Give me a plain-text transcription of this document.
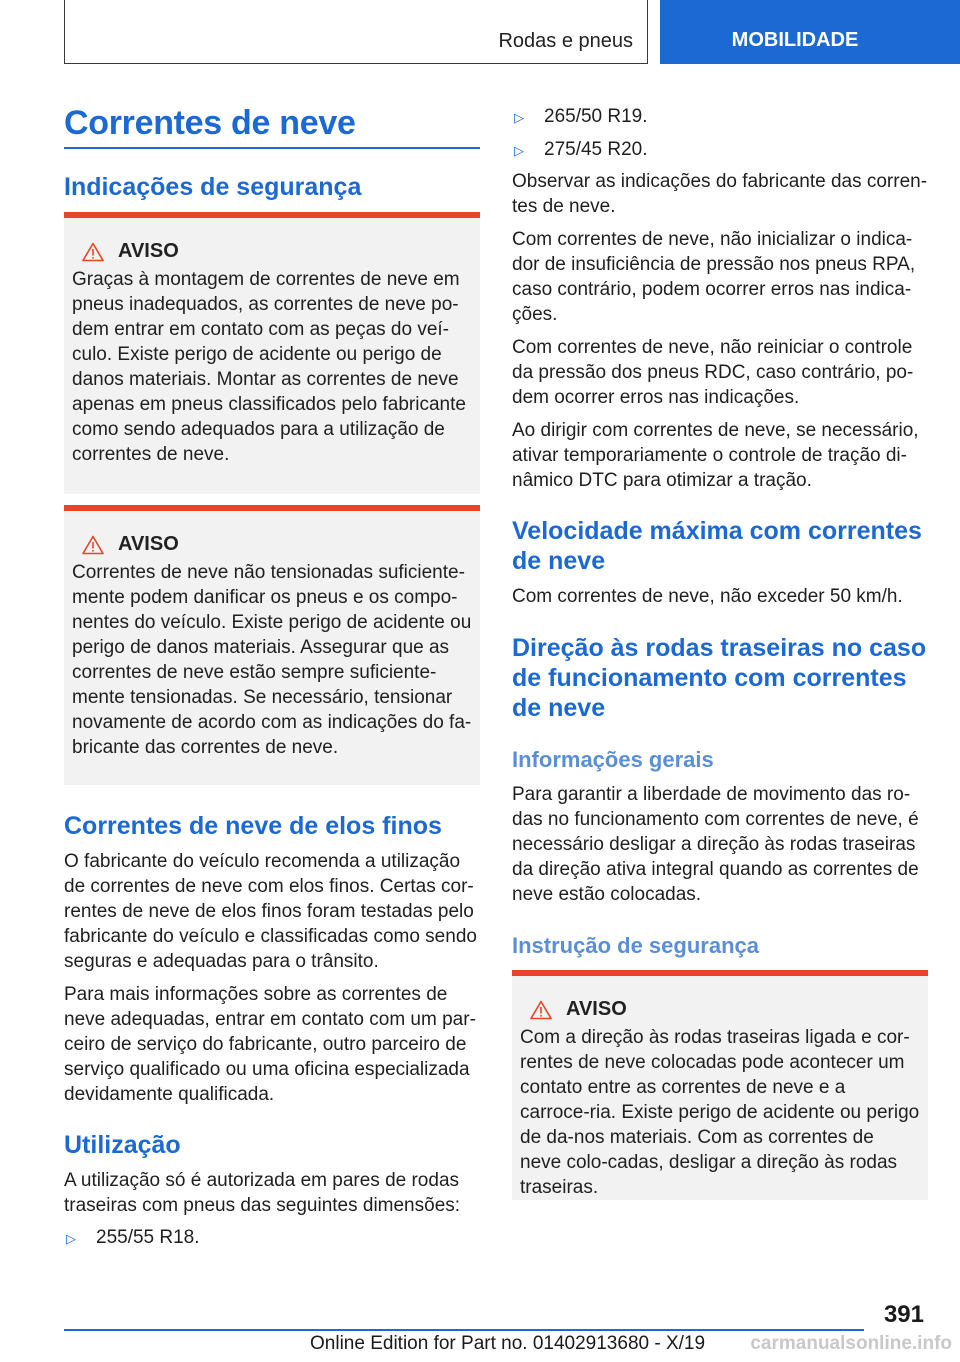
Rodas e pneus	MOBILIDADE
Correntes de neve
Indicações de segurança
AVISO

Graças à montagem de correntes de neve em pneus inadequados, as correntes de neve po-dem entrar em contato com as peças do veí-culo. Existe perigo de acidente ou perigo de danos materiais. Montar as correntes de neve apenas em pneus classificados pelo fabricante como sendo adequados para a utilização de correntes de neve.

AVISO

Correntes de neve não tensionadas suficiente-mente podem danificar os pneus e os compo-nentes do veículo. Existe perigo de acidente ou perigo de danos materiais. Assegurar que as correntes de neve estão sempre suficiente-mente tensionadas. Se necessário, tensionar novamente de acordo com as indicações do fa-bricante das correntes de neve.

Correntes de neve de elos finos

O fabricante do veículo recomenda a utilização de correntes de neve com elos finos. Certas cor-rentes de neve de elos finos foram testadas pelo fabricante do veículo e classificadas como sendo seguras e adequadas para o trânsito.

Para mais informações sobre as correntes de neve adequadas, entrar em contato com um par-ceiro de serviço do fabricante, outro parceiro de serviço qualificado ou uma oficina especializada devidamente qualificada.

Utilização

A utilização só é autorizada em pares de rodas traseiras com pneus das seguintes dimensões:

▷	255/55 R18.
▷	265/50 R19.
▷	275/45 R20.

Observar as indicações do fabricante das corren-tes de neve.

Com correntes de neve, não inicializar o indica-dor de insuficiência de pressão nos pneus RPA, caso contrário, podem ocorrer erros nas indica-ções.

Com correntes de neve, não reiniciar o controle da pressão dos pneus RDC, caso contrário, po-dem ocorrer erros nas indicações.

Ao dirigir com correntes de neve, se necessário, ativar temporariamente o controle de tração di-nâmico DTC para otimizar a tração.

Velocidade máxima com correntes de neve

Com correntes de neve, não exceder 50 km/h.

Direção às rodas traseiras no caso de funcionamento com correntes de neve
Informações gerais

Para garantir a liberdade de movimento das ro-das no funcionamento com correntes de neve, é necessário desligar a direção às rodas traseiras da direção ativa integral quando as correntes de neve estão colocadas.

Instrução de segurança
AVISO

Com a direção às rodas traseiras ligada e cor-rentes de neve colocadas pode acontecer um contato entre as correntes de neve e a carroce-ria. Existe perigo de acidente ou perigo de da-nos materiais. Com as correntes de neve colo-cadas, desligar a direção às rodas traseiras.

391
Online Edition for Part no. 01402913680 - X/19 carmanualsonline.info
